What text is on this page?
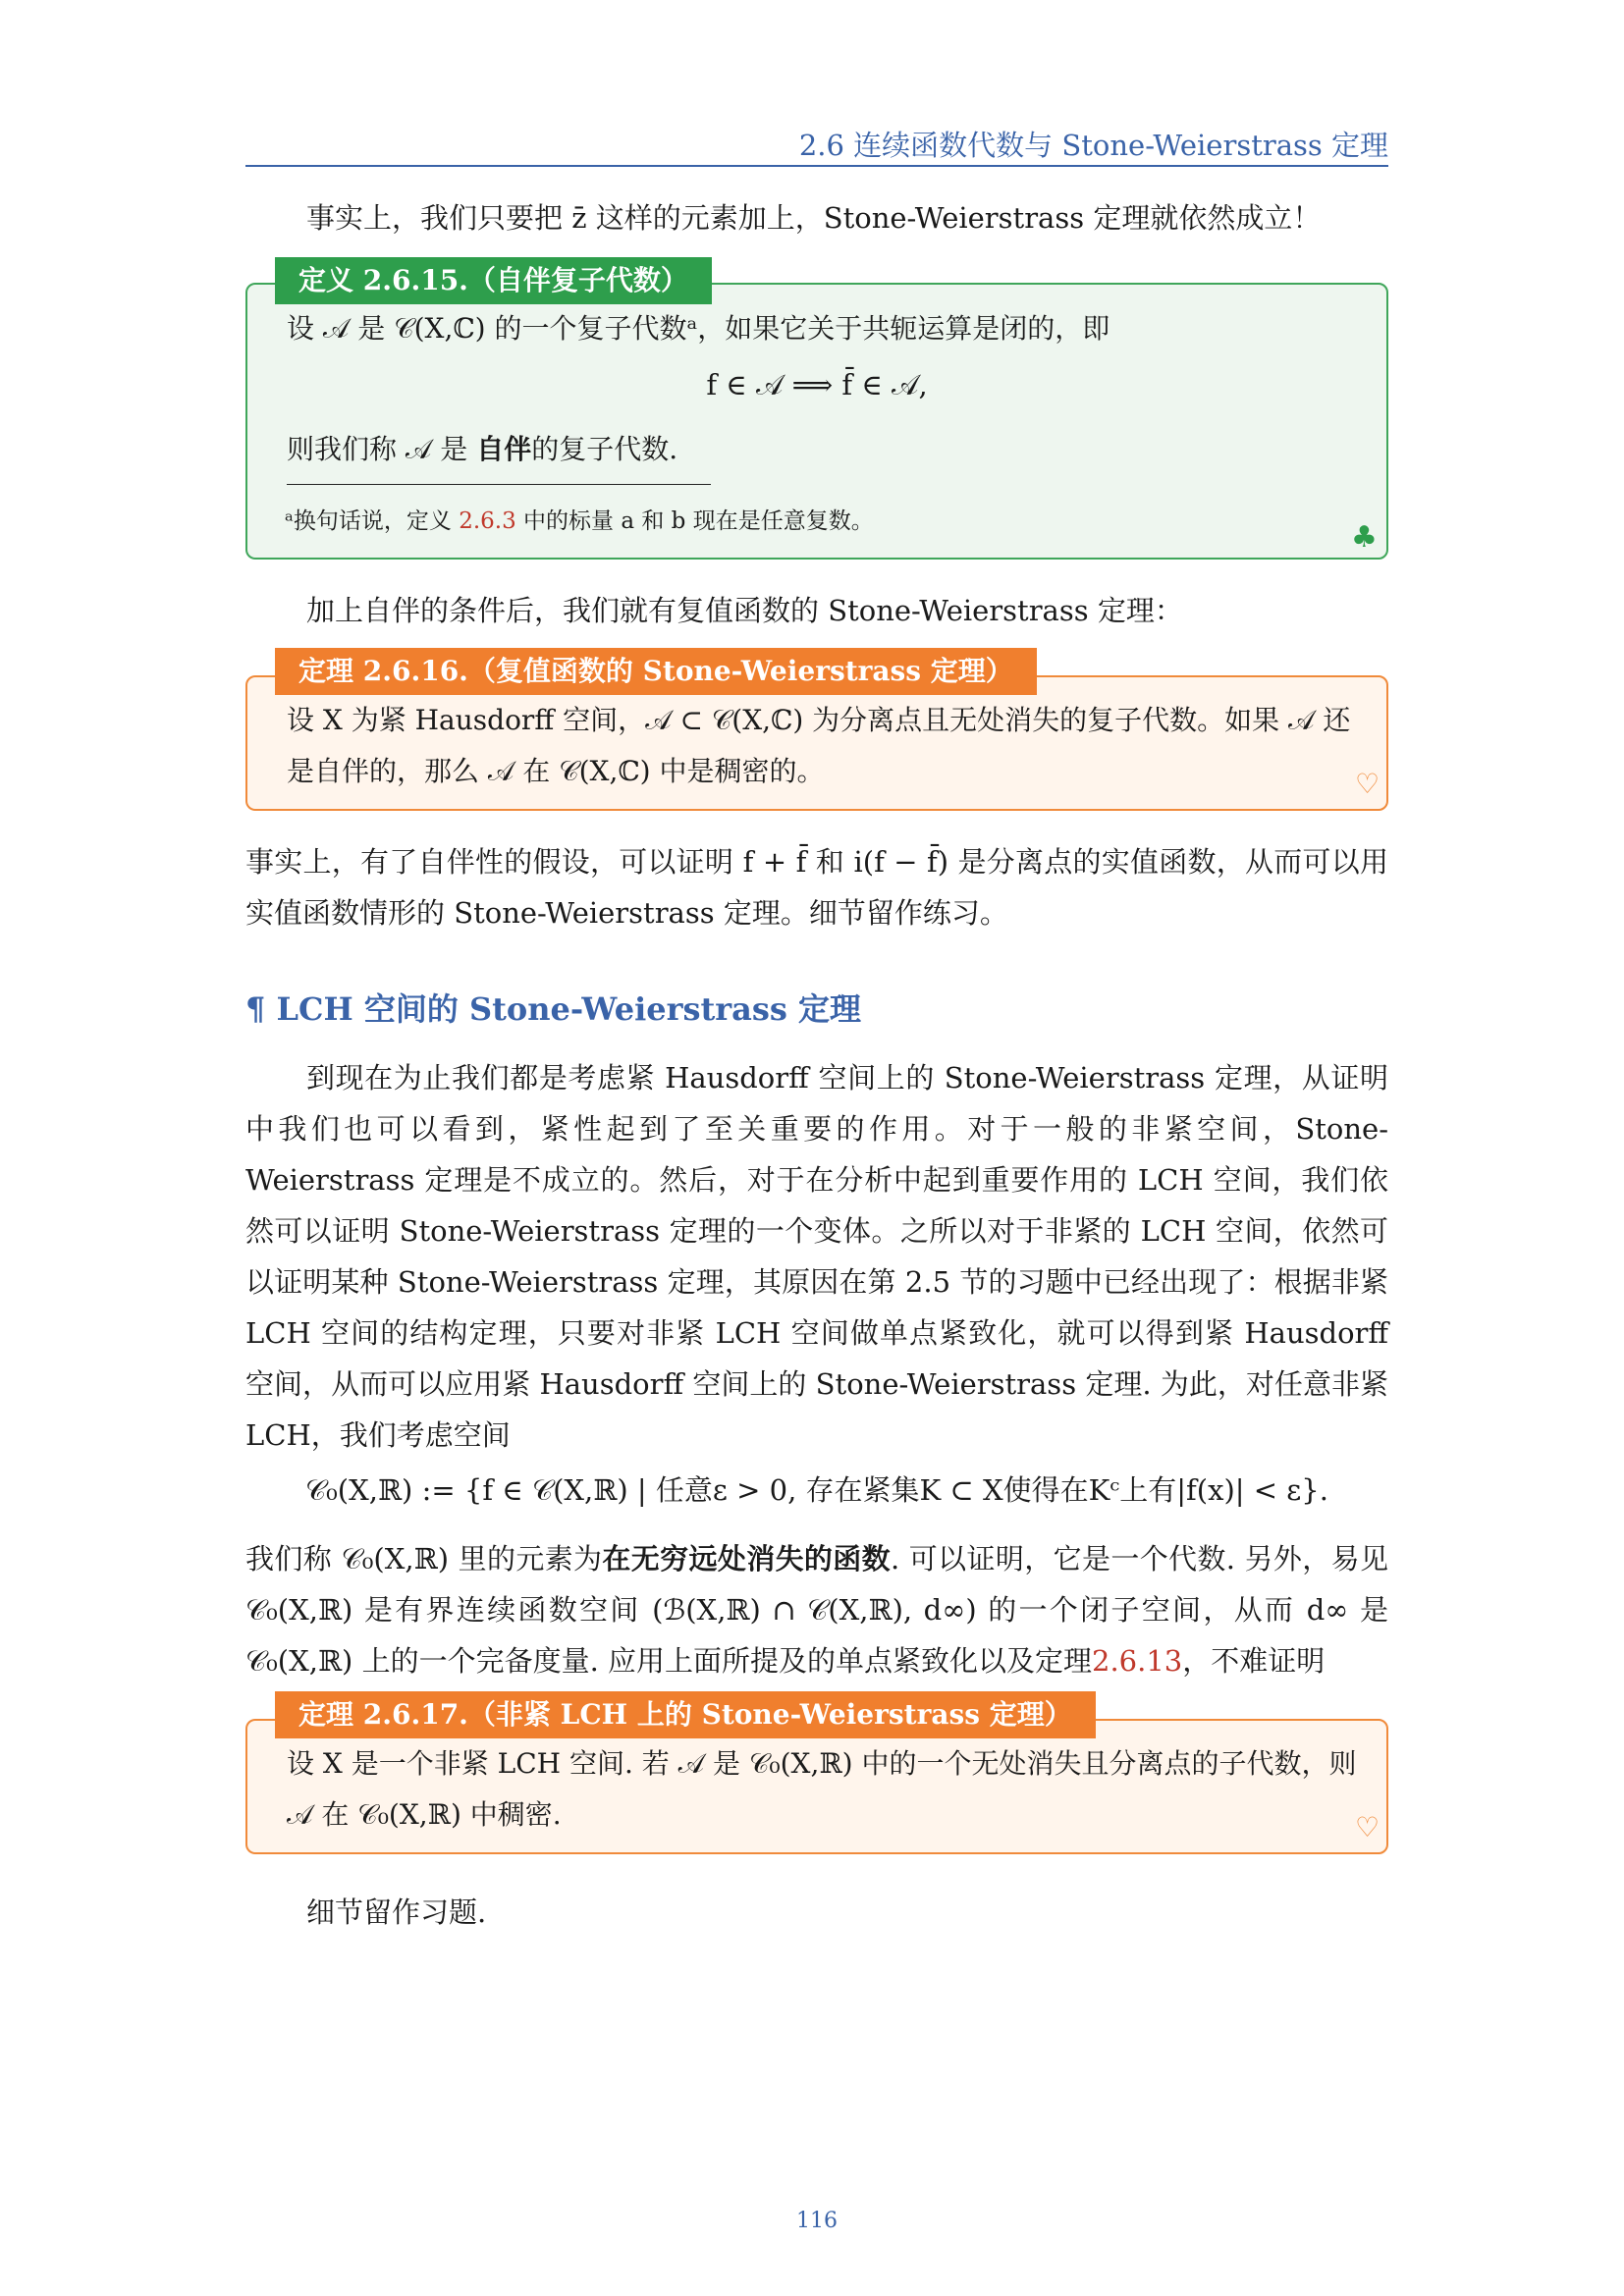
2.6 连续函数代数与 Stone-Weierstrass 定理

事实上，我们只要把 z̄ 这样的元素加上，Stone-Weierstrass 定理就依然成立！

定义 2.6.15.（自伴复子代数）

设 𝒜 是 𝒞(X,ℂ) 的一个复子代数ᵃ，如果它关于共轭运算是闭的，即

f ∈ 𝒜 ⟹ f̄ ∈ 𝒜,

则我们称 𝒜 是 自伴的复子代数.

ᵃ换句话说，定义 2.6.3 中的标量 a 和 b 现在是任意复数。	♣

加上自伴的条件后，我们就有复值函数的 Stone-Weierstrass 定理：

定理 2.6.16.（复值函数的 Stone-Weierstrass 定理）

设 X 为紧 Hausdorff 空间，𝒜 ⊂ 𝒞(X,ℂ) 为分离点且无处消失的复子代数。如果 𝒜 还是自伴的，那么 𝒜 在 𝒞(X,ℂ) 中是稠密的。	♡

事实上，有了自伴性的假设，可以证明 f + f̄ 和 i(f − f̄) 是分离点的实值函数，从而可以用实值函数情形的 Stone-Weierstrass 定理。细节留作练习。

¶ LCH 空间的 Stone-Weierstrass 定理

到现在为止我们都是考虑紧 Hausdorff 空间上的 Stone-Weierstrass 定理，从证明中我们也可以看到，紧性起到了至关重要的作用。对于一般的非紧空间，Stone-Weierstrass 定理是不成立的。然后，对于在分析中起到重要作用的 LCH 空间，我们依然可以证明 Stone-Weierstrass 定理的一个变体。之所以对于非紧的 LCH 空间，依然可以证明某种 Stone-Weierstrass 定理，其原因在第 2.5 节的习题中已经出现了：根据非紧 LCH 空间的结构定理，只要对非紧 LCH 空间做单点紧致化，就可以得到紧 Hausdorff 空间，从而可以应用紧 Hausdorff 空间上的 Stone-Weierstrass 定理. 为此，对任意非紧 LCH，我们考虑空间

𝒞₀(X,ℝ) := {f ∈ 𝒞(X,ℝ) | 任意ε > 0, 存在紧集K ⊂ X使得在Kᶜ上有|f(x)| < ε}.

我们称 𝒞₀(X,ℝ) 里的元素为在无穷远处消失的函数. 可以证明，它是一个代数. 另外，易见 𝒞₀(X,ℝ) 是有界连续函数空间 (ℬ(X,ℝ) ∩ 𝒞(X,ℝ), d∞) 的一个闭子空间，从而 d∞ 是 𝒞₀(X,ℝ) 上的一个完备度量. 应用上面所提及的单点紧致化以及定理2.6.13，不难证明

定理 2.6.17.（非紧 LCH 上的 Stone-Weierstrass 定理）

设 X 是一个非紧 LCH 空间. 若 𝒜 是 𝒞₀(X,ℝ) 中的一个无处消失且分离点的子代数，则 𝒜 在 𝒞₀(X,ℝ) 中稠密.	♡

细节留作习题.

116
